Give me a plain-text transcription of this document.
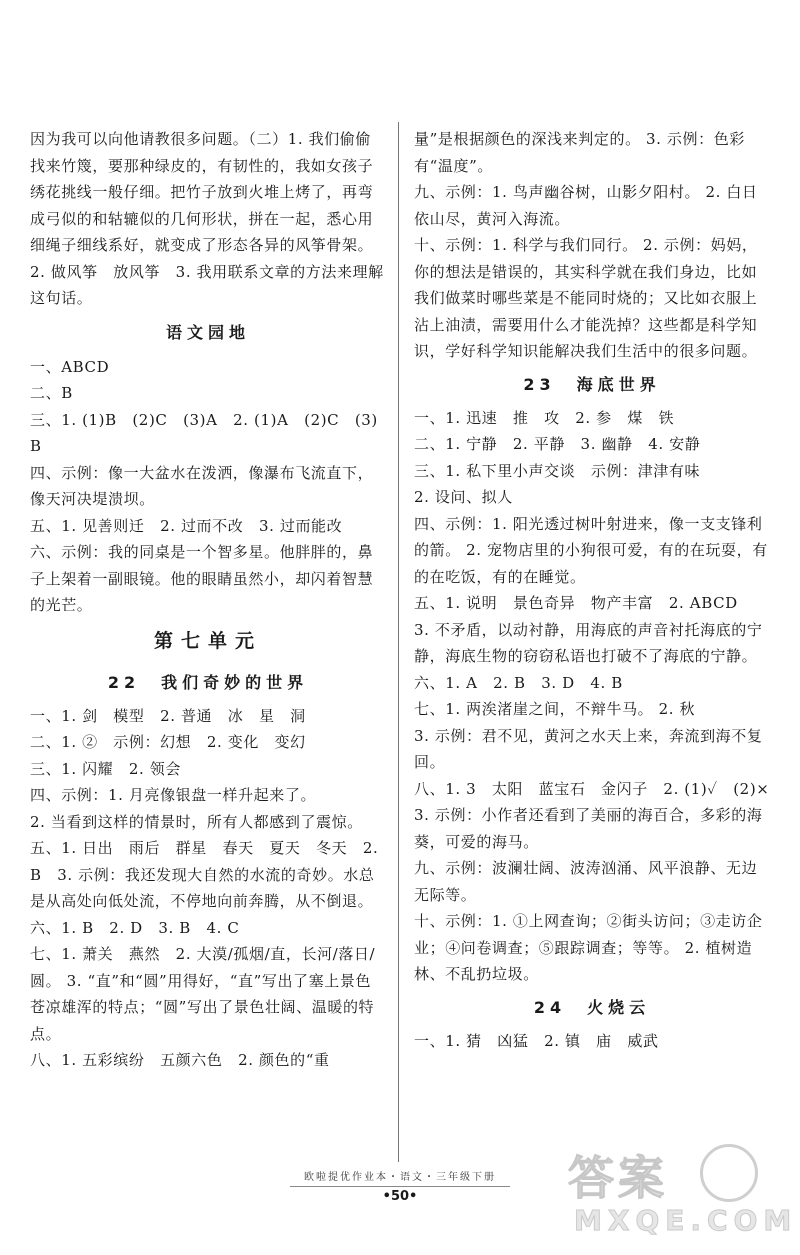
因为我可以向他请教很多问题。（二）1. 我们偷偷找来竹篾，要那种绿皮的，有韧性的，我如女孩子绣花挑线一般仔细。把竹子放到火堆上烤了，再弯成弓似的和轱辘似的几何形状，拼在一起，悉心用细绳子细线系好，就变成了形态各异的风筝骨架。 2. 做风筝　放风筝　3. 我用联系文章的方法来理解这句话。

语文园地

一、ABCD

二、B

三、1. (1)B　(2)C　(3)A　2. (1)A　(2)C　(3)B

四、示例：像一大盆水在泼洒，像瀑布飞流直下，像天河决堤溃坝。

五、1. 见善则迁　2. 过而不改　3. 过而能改

六、示例：我的同桌是一个智多星。他胖胖的，鼻子上架着一副眼镜。他的眼睛虽然小，却闪着智慧的光芒。

第七单元

22　我们奇妙的世界

一、1. 剑　模型　2. 普通　冰　星　洞

二、1. ②　示例：幻想　2. 变化　变幻

三、1. 闪耀　2. 领会

四、示例：1. 月亮像银盘一样升起来了。

2. 当看到这样的情景时，所有人都感到了震惊。

五、1. 日出　雨后　群星　春天　夏天　冬天　2. B　3. 示例：我还发现大自然的水流的奇妙。水总是从高处向低处流，不停地向前奔腾，从不倒退。

六、1. B　2. D　3. B　4. C

七、1. 萧关　燕然　2. 大漠/孤烟/直，长河/落日/圆。 3. “直”和“圆”用得好，“直”写出了塞上景色苍凉雄浑的特点；“圆”写出了景色壮阔、温暖的特点。

八、1. 五彩缤纷　五颜六色　2. 颜色的“重

量”是根据颜色的深浅来判定的。 3. 示例：色彩有“温度”。

九、示例：1. 鸟声幽谷树，山影夕阳村。 2. 白日依山尽，黄河入海流。

十、示例：1. 科学与我们同行。 2. 示例：妈妈，你的想法是错误的，其实科学就在我们身边，比如我们做菜时哪些菜是不能同时烧的；又比如衣服上沾上油渍，需要用什么才能洗掉？这些都是科学知识，学好科学知识能解决我们生活中的很多问题。

23　海底世界

一、1. 迅速　推　攻　2. 参　煤　铁

二、1. 宁静　2. 平静　3. 幽静　4. 安静

三、1. 私下里小声交谈　示例：津津有味

2. 设问、拟人

四、示例：1. 阳光透过树叶射进来，像一支支锋利的箭。 2. 宠物店里的小狗很可爱，有的在玩耍，有的在吃饭，有的在睡觉。

五、1. 说明　景色奇异　物产丰富　2. ABCD

3. 不矛盾，以动衬静，用海底的声音衬托海底的宁静，海底生物的窃窃私语也打破不了海底的宁静。

六、1. A　2. B　3. D　4. B

七、1. 两涘渚崖之间，不辩牛马。 2. 秋

3. 示例：君不见，黄河之水天上来，奔流到海不复回。

八、1. 3　太阳　蓝宝石　金闪子　2. (1)✓　(2)×　3. 示例：小作者还看到了美丽的海百合，多彩的海葵，可爱的海马。

九、示例：波澜壮阔、波涛汹涌、风平浪静、无边无际等。

十、示例：1. ①上网查询；②街头访问；③走访企业；④问卷调查；⑤跟踪调查；等等。 2. 植树造林、不乱扔垃圾。

24　火烧云

一、1. 猜　凶猛　2. 镇　庙　威武

欧啦提优作业本・语文・三年级下册
•50•	答案
MXQE.COM
